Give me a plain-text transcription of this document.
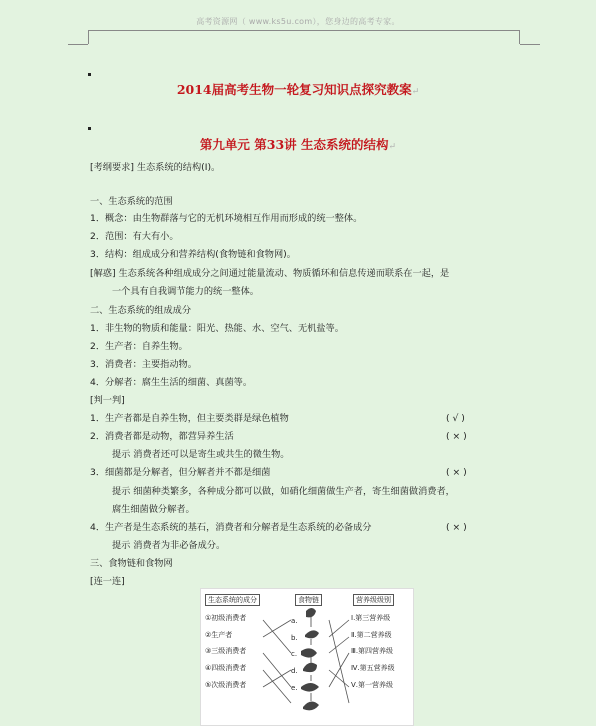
高考资源网（ www.ks5u.com），您身边的高考专家。
2014届高考生物一轮复习知识点探究教案↵
第九单元 第33讲 生态系统的结构↵
[考纲要求] 生态系统的结构(Ⅰ)。
一、生态系统的范围
1．概念：由生物群落与它的无机环境相互作用而形成的统一整体。
2．范围：有大有小。
3．结构：组成成分和营养结构(食物链和食物网)。
[解惑] 生态系统各种组成成分之间通过能量流动、物质循环和信息传递而联系在一起，是
一个具有自我调节能力的统一整体。
二、生态系统的组成成分
1．非生物的物质和能量：阳光、热能、水、空气、无机盐等。
2．生产者：自养生物。
3．消费者：主要指动物。
4．分解者：腐生生活的细菌、真菌等。
[判一判]
1．生产者都是自养生物，但主要类群是绿色植物
2．消费者都是动物，都营异养生活
提示 消费者还可以是寄生或共生的微生物。
3．细菌都是分解者，但分解者并不都是细菌
提示 细菌种类繁多，各种成分都可以做，如硝化细菌做生产者，寄生细菌做消费者，
腐生细菌做分解者。
4．生产者是生态系统的基石，消费者和分解者是生态系统的必备成分
提示 消费者为非必备成分。
三、食物链和食物网
[连一连]
( √ )
( × )
( × )
( × )
生态系统的成分	食物链	营养级级别
①初级消费者
②生产者
③三级消费者
④四级消费者
⑤次级消费者
a.
b.
c.
d.
e.
Ⅰ.第三营养级
Ⅱ.第二营养级
Ⅲ.第四营养级
Ⅳ.第五营养级
Ⅴ.第一营养级
